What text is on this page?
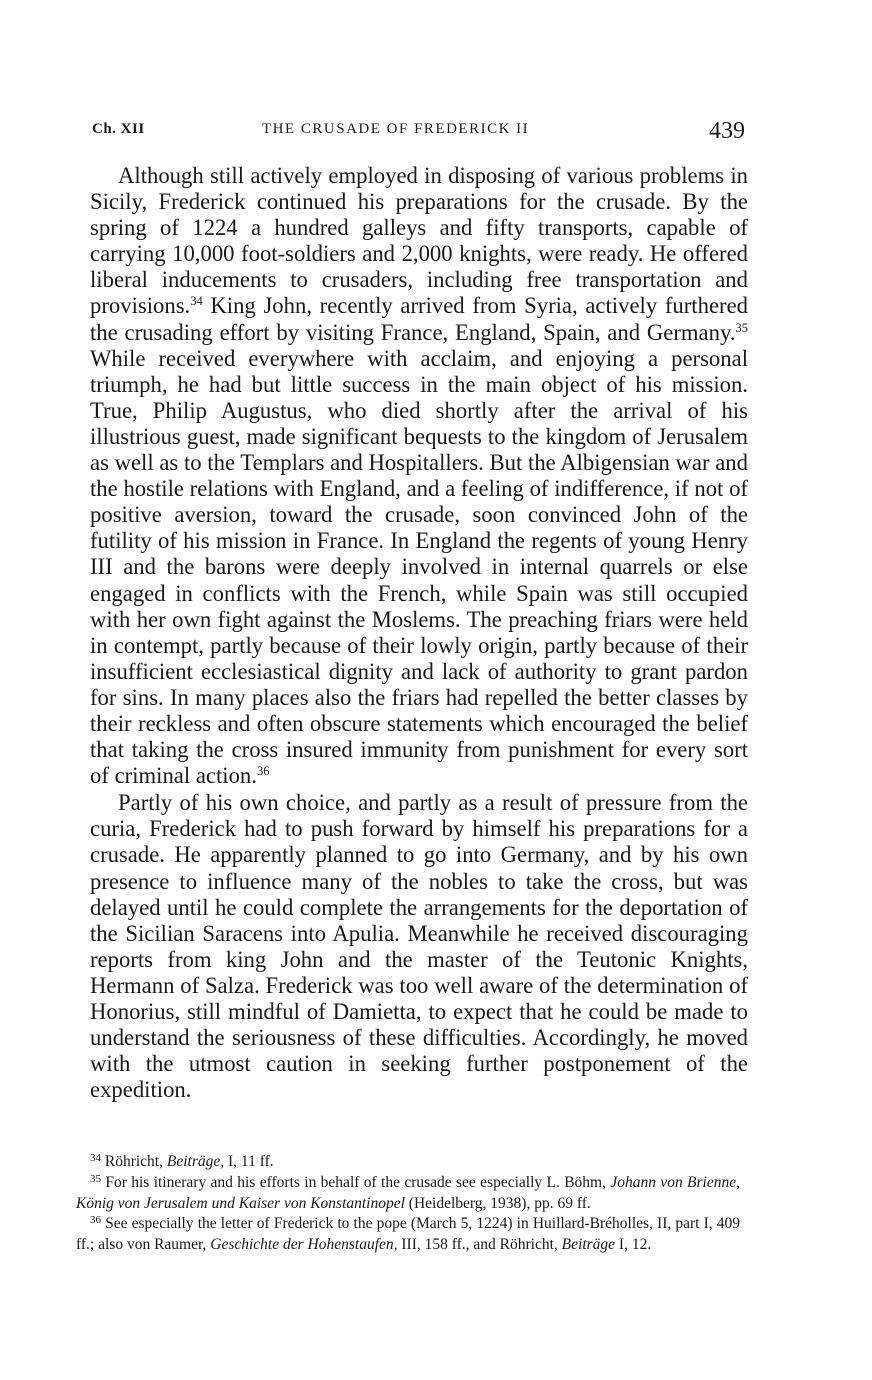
Ch. XII	THE CRUSADE OF FREDERICK II	439

Although still actively employed in disposing of various problems in Sicily, Frederick continued his preparations for the crusade. By the spring of 1224 a hundred galleys and fifty transports, capable of carrying 10,000 foot-soldiers and 2,000 knights, were ready. He offered liberal inducements to crusaders, including free transportation and provisions.$^{34}$ King John, recently arrived from Syria, actively furthered the crusading effort by visiting France, England, Spain, and Germany.$^{35}$ While received everywhere with acclaim, and enjoying a personal triumph, he had but little success in the main object of his mission. True, Philip Augustus, who died shortly after the arrival of his illustrious guest, made significant bequests to the kingdom of Jerusalem as well as to the Templars and Hospitallers. But the Albigensian war and the hostile relations with England, and a feeling of indifference, if not of positive aversion, toward the crusade, soon convinced John of the futility of his mission in France. In England the regents of young Henry III and the barons were deeply involved in internal quarrels or else engaged in conflicts with the French, while Spain was still occupied with her own fight against the Moslems. The preaching friars were held in contempt, partly because of their lowly origin, partly because of their insufficient ecclesiastical dignity and lack of authority to grant pardon for sins. In many places also the friars had repelled the better classes by their reckless and often obscure statements which encouraged the belief that taking the cross insured immunity from punishment for every sort of criminal action.$^{36}$

Partly of his own choice, and partly as a result of pressure from the curia, Frederick had to push forward by himself his preparations for a crusade. He apparently planned to go into Germany, and by his own presence to influence many of the nobles to take the cross, but was delayed until he could complete the arrangements for the deportation of the Sicilian Saracens into Apulia. Meanwhile he received discouraging reports from king John and the master of the Teutonic Knights, Hermann of Salza. Frederick was too well aware of the determination of Honorius, still mindful of Damietta, to expect that he could be made to understand the seriousness of these difficulties. Accordingly, he moved with the utmost caution in seeking further postponement of the expedition.

$^{34}$ Röhricht, Beiträge, I, 11 ff.

$^{35}$ For his itinerary and his efforts in behalf of the crusade see especially L. Böhm, Johann von Brienne, König von Jerusalem und Kaiser von Konstantinopel (Heidelberg, 1938), pp. 69 ff.

$^{36}$ See especially the letter of Frederick to the pope (March 5, 1224) in Huillard-Bréholles, II, part I, 409 ff.; also von Raumer, Geschichte der Hohenstaufen, III, 158 ff., and Röhricht, Beiträge I, 12.
